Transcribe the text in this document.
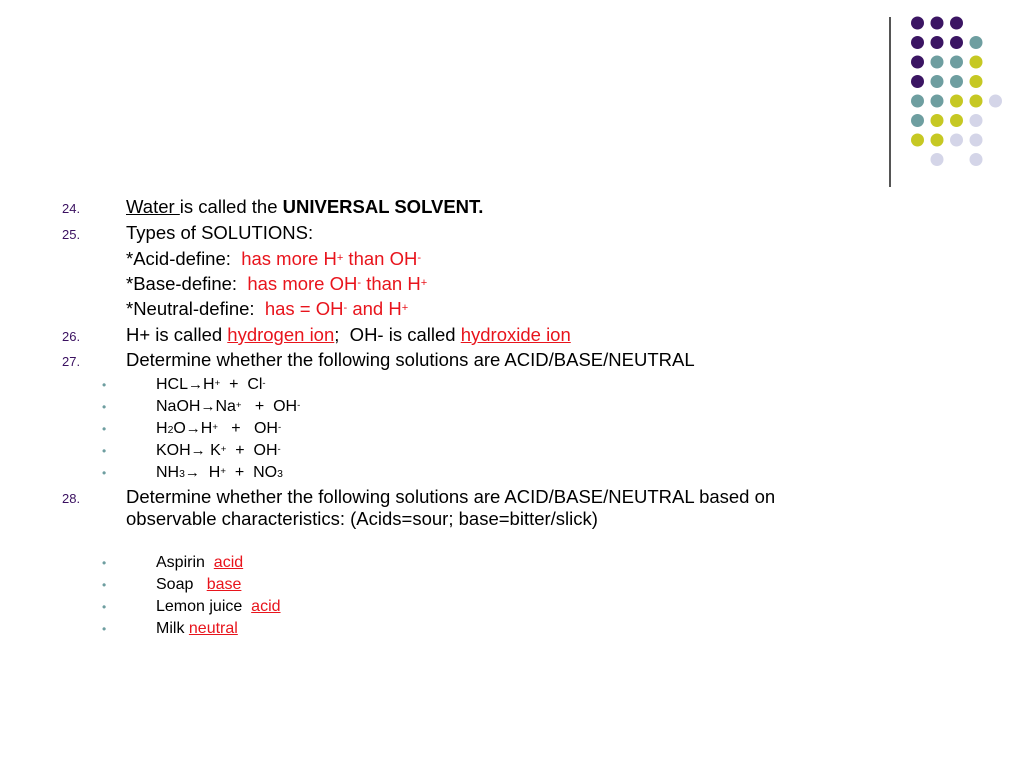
24. Water is called the UNIVERSAL SOLVENT.
25. Types of SOLUTIONS:
*Acid-define: has more H+ than OH-
*Base-define: has more OH- than H+
*Neutral-define: has = OH- and H+
26. H+ is called hydrogen ion;  OH- is called hydroxide ion
27. Determine whether the following solutions are ACID/BASE/NEUTRAL
•	HCL→H+  +  Cl-
•	NaOH→Na+   +  OH-
•	$H_2O\to H^+ + OH^-$
•	KOH→ K+  +  OH-
•	$NH_3\to H^+ + NO_3$
28. Determine whether the following solutions are ACID/BASE/NEUTRAL based on
observable characteristics: (Acids=sour; base=bitter/slick)
•	Aspirin  acid
•	Soap   base
•	Lemon juice  acid
•	Milk neutral
